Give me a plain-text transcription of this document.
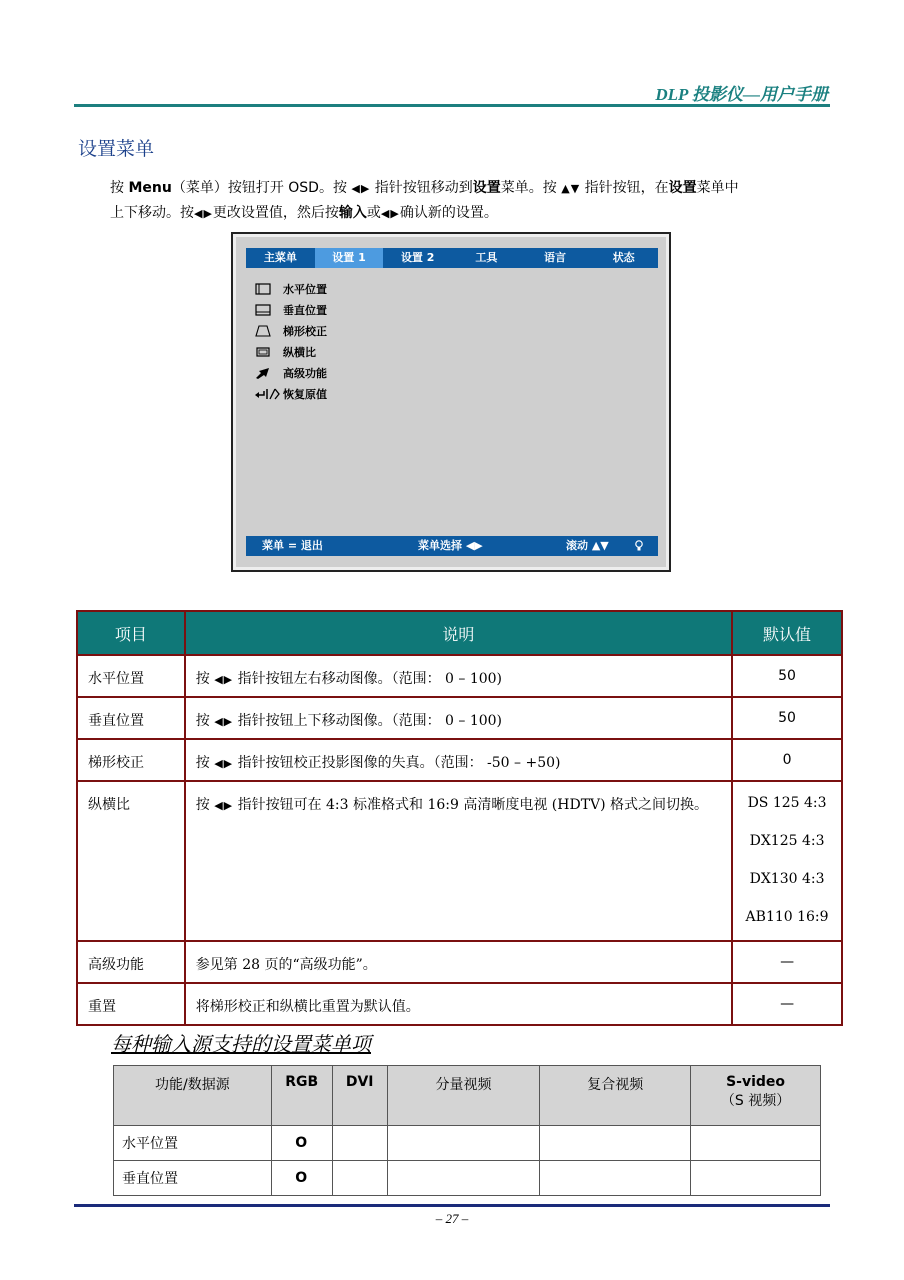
DLP 投影仪—用户手册
设置菜单
按 Menu（菜单）按钮打开 OSD。按 ◀▶ 指针按钮移动到设置菜单。按 ▲▼ 指针按钮，在设置菜单中
上下移动。按◀▶更改设置值，然后按输入或◀▶确认新的设置。
主菜单	设置 1	设置 2	工具	语言	状态
水平位置
垂直位置
梯形校正
纵横比
高级功能
恢复原值
菜单 = 退出	菜单选择 ◀▶	滚动 ▲▼
项目	说明	默认值
水平位置	按 ◀▶ 指针按钮左右移动图像。（范围： 0 – 100)	50
垂直位置	按 ◀▶ 指针按钮上下移动图像。（范围： 0 – 100)	50
梯形校正	按 ◀▶ 指针按钮校正投影图像的失真。（范围： -50 – +50)	0
纵横比	按 ◀▶ 指针按钮可在 4:3 标准格式和 16:9 高清晰度电视 (HDTV) 格式之间切换。	DS 125 4:3
DX125 4:3
DX130 4:3
AB110 16:9

高级功能	参见第 28 页的“高级功能”。	—
重置	将梯形校正和纵横比重置为默认值。	—
每种输入源支持的设置菜单项
功能/数据源	RGB	DVI	分量视频	复合视频	S-video
（S 视频）

水平位置	O				
垂直位置	O				
– 27 –
